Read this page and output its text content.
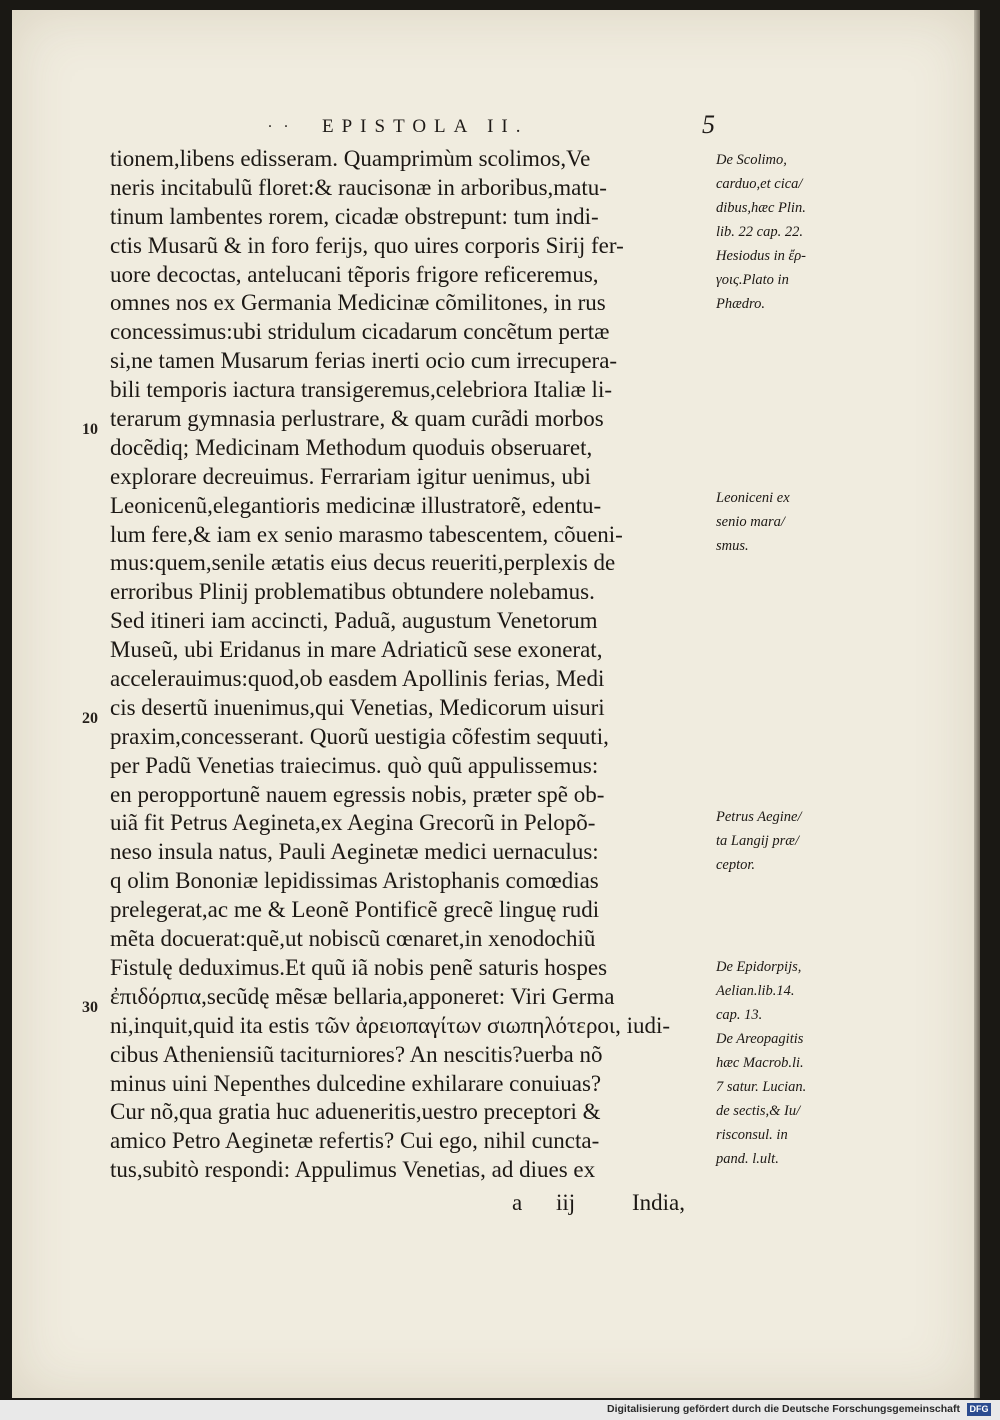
. . EPISTOLA II.	5
tionem,libens edisseram. Quamprimùm scolimos,Ve
neris incitabulũ floret:& raucisonæ in arboribus,matu-
tinum lambentes rorem, cicadæ obstrepunt: tum indi-
ctis Musarũ & in foro ferijs, quo uires corporis Sirij fer-
uore decoctas, antelucani tẽporis frigore reficeremus,
omnes nos ex Germania Medicinæ cõmilitones, in rus
concessimus:ubi stridulum cicadarum concẽtum pertæ
si,ne tamen Musarum ferias inerti ocio cum irrecupera-
bili temporis iactura transigeremus,celebriora Italiæ li-
terarum gymnasia perlustrare, & quam curãdi morbos
docẽdiq; Medicinam Methodum quoduis obseruaret,
explorare decreuimus. Ferrariam igitur uenimus, ubi
Leonicenũ,elegantioris medicinæ illustratorẽ, edentu-
lum fere,& iam ex senio marasmo tabescentem, cõueni-
mus:quem,senile ætatis eius decus reueriti,perplexis de
erroribus Plinij problematibus obtundere nolebamus.
Sed itineri iam accincti, Paduã, augustum Venetorum
Museũ, ubi Eridanus in mare Adriaticũ sese exonerat,
accelerauimus:quod,ob easdem Apollinis ferias, Medi
cis desertũ inuenimus,qui Venetias, Medicorum uisuri
praxim,concesserant. Quorũ uestigia cõfestim sequuti,
per Padũ Venetias traiecimus. quò quũ appulissemus:
en peropportunẽ nauem egressis nobis, præter spẽ ob-
uiã fit Petrus Aegineta,ex Aegina Grecorũ in Pelopõ-
neso insula natus, Pauli Aeginetæ medici uernaculus:
q olim Bononiæ lepidissimas Aristophanis comœdias
prelegerat,ac me & Leonẽ Pontificẽ grecẽ linguę rudi
mẽta docuerat:quẽ,ut nobiscũ cœnaret,in xenodochiũ
Fistulę deduximus.Et quũ iã nobis penẽ saturis hospes
ἐπιδόρπια,secũdę mẽsæ bellaria,apponeret: Viri Germa
ni,inquit,quid ita estis τῶν ἀρειοπαγίτων σιωπηλότεροι, iudi-
cibus Atheniensiũ taciturniores? An nescitis?uerba nõ
minus uini Nepenthes dulcedine exhilarare conuiuas?
Cur nõ,qua gratia huc adueneritis,uestro preceptori &
amico Petro Aeginetæ refertis? Cui ego, nihil cuncta-
tus,subitò respondi: Appulimus Venetias, ad diues ex
10
20
30
De Scolimo,
carduo,et cica/
dibus,hæc Plin.
lib. 22 cap. 22.
Hesiodus in ἔρ-
γοις.Plato in
Phædro.
Leoniceni ex
senio mara/
smus.
Petrus Aegine/
ta Langij præ/
ceptor.
De Epidorpijs,
Aelian.lib.14.
cap. 13.
De Areopagitis
hæc Macrob.li.
7 satur. Lucian.
de sectis,& Iu/
risconsul. in
pand. l.ult.
a iij India,
Digitalisierung gefördert durch die Deutsche Forschungsgemeinschaft DFG
